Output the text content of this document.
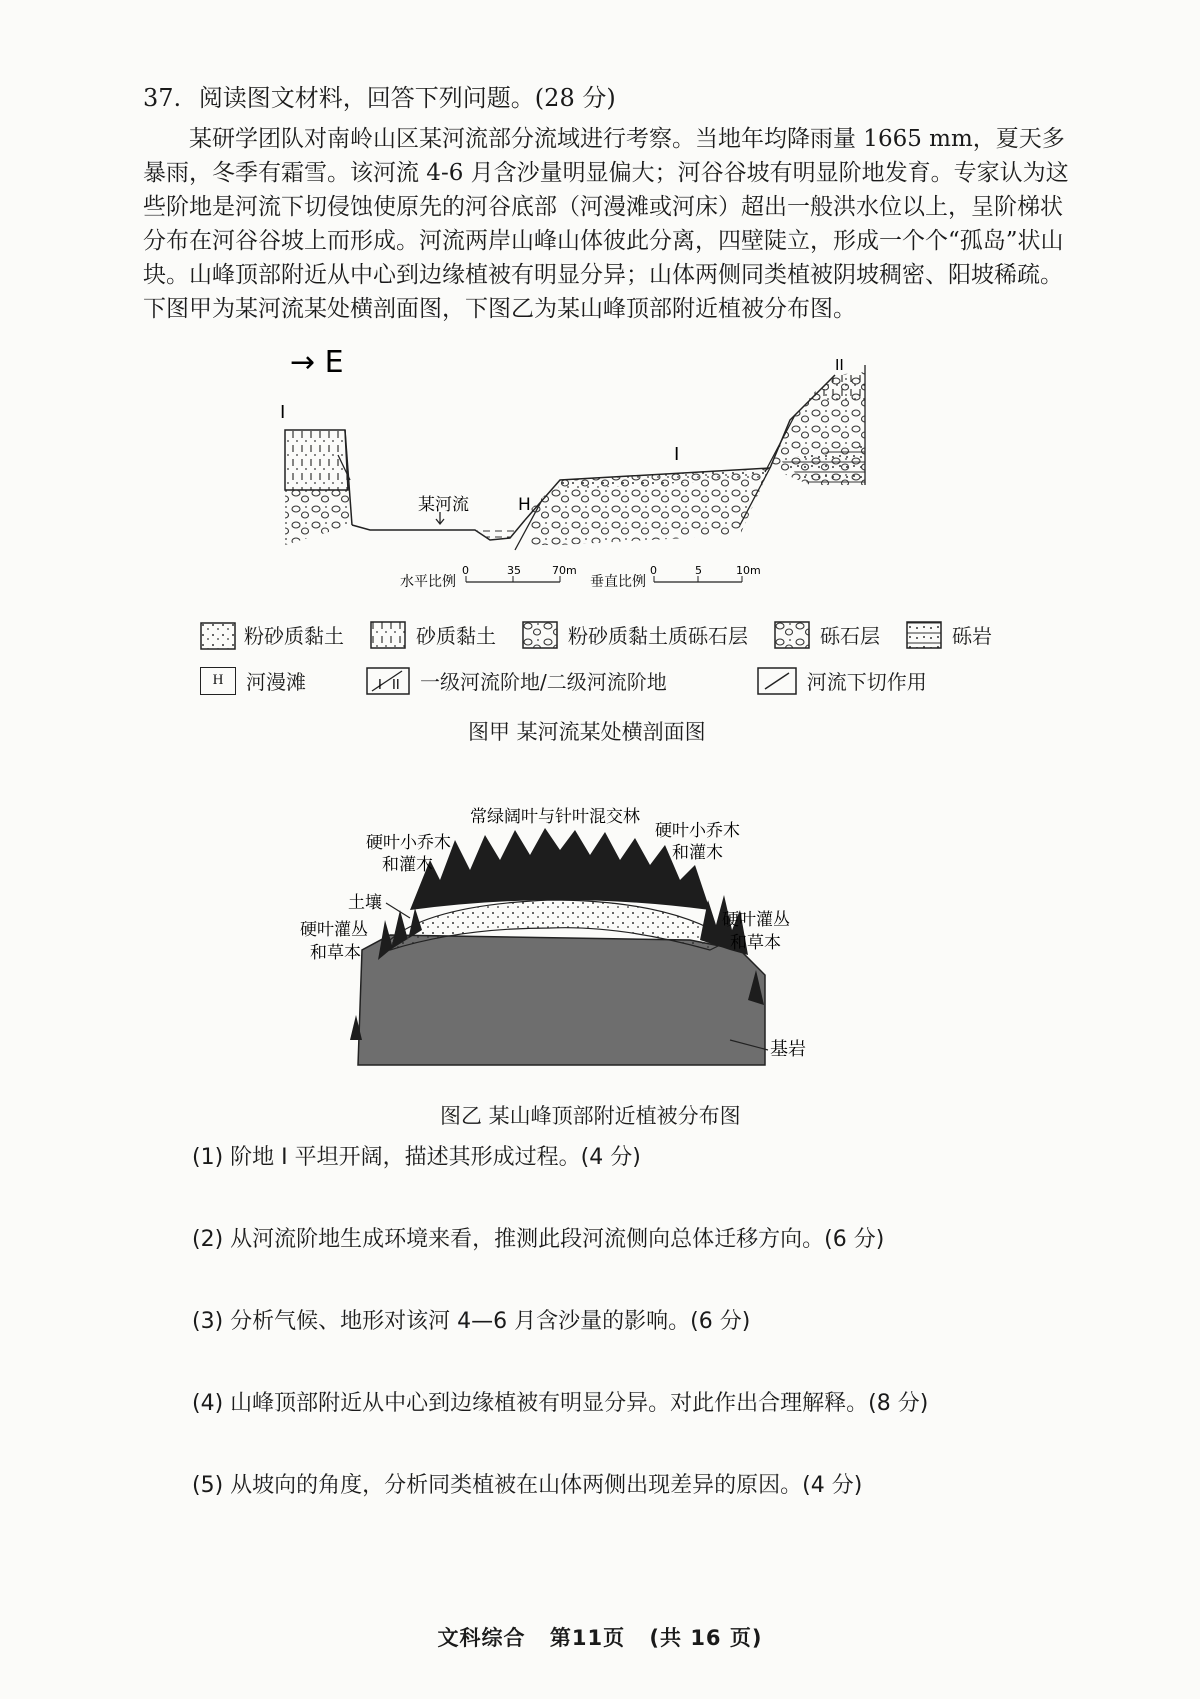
37. 阅读图文材料，回答下列问题。(28 分)
某研学团队对南岭山区某河流部分流域进行考察。当地年均降雨量 1665 mm，夏天多暴雨，冬季有霜雪。该河流 4-6 月含沙量明显偏大；河谷谷坡有明显阶地发育。专家认为这些阶地是河流下切侵蚀使原先的河谷底部（河漫滩或河床）超出一般洪水位以上，呈阶梯状分布在河谷谷坡上而形成。河流两岸山峰山体彼此分离，四壁陡立，形成一个个“孤岛”状山块。山峰顶部附近从中心到边缘植被有明显分异；山体两侧同类植被阴坡稠密、阳坡稀疏。下图甲为某河流某处横剖面图，下图乙为某山峰顶部附近植被分布图。
→ E
I
某河流	H
I
II
水平比例
0	35	70m
垂直比例
0	5	10m
粉砂质黏土	砂质黏土	粉砂质黏土质砾石层	砾石层	砾岩
H	河漫滩	I II 一级河流阶地/二级河流阶地	河流下切作用
图甲 某河流某处横剖面图
常绿阔叶与针叶混交林
硬叶小乔木
和灌木
硬叶小乔木
和灌木
土壤
硬叶灌丛
和草本
硬叶灌丛
和草本
基岩
图乙 某山峰顶部附近植被分布图
(1) 阶地 I 平坦开阔，描述其形成过程。(4 分)
(2) 从河流阶地生成环境来看，推测此段河流侧向总体迁移方向。(6 分)
(3) 分析气候、地形对该河 4—6 月含沙量的影响。(6 分)
(4) 山峰顶部附近从中心到边缘植被有明显分异。对此作出合理解释。(8 分)
(5) 从坡向的角度，分析同类植被在山体两侧出现差异的原因。(4 分)
文科综合 第11页 (共 16 页)
